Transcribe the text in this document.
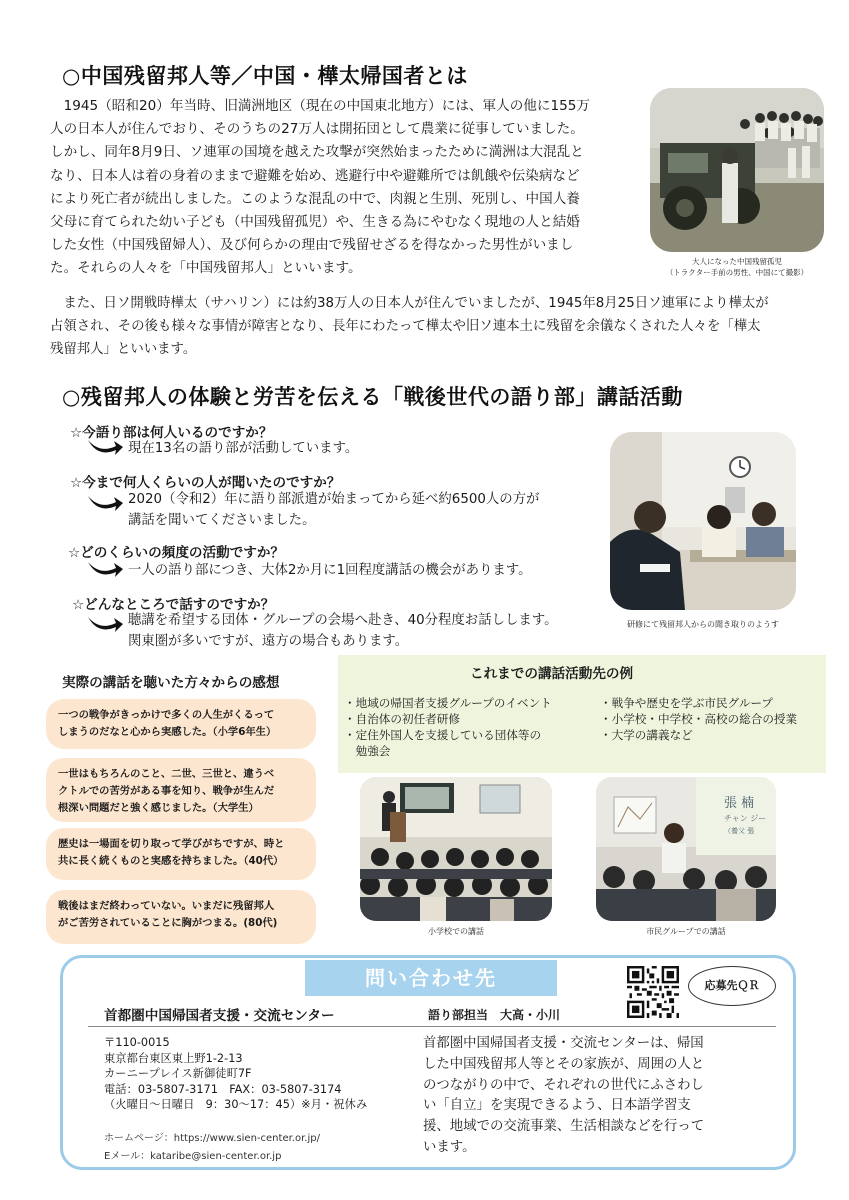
○中国残留邦人等／中国・樺太帰国者とは
1945（昭和20）年当時、旧満洲地区（現在の中国東北地方）には、軍人の他に155万
人の日本人が住んでおり、そのうちの27万人は開拓団として農業に従事していました。
しかし、同年8月9日、ソ連軍の国境を越えた攻撃が突然始まったために満洲は大混乱と
なり、日本人は着の身着のままで避難を始め、逃避行中や避難所では飢餓や伝染病など
により死亡者が続出しました。このような混乱の中で、肉親と生別、死別し、中国人養
父母に育てられた幼い子ども（中国残留孤児）や、生きる為にやむなく現地の人と結婚
した女性（中国残留婦人）、及び何らかの理由で残留せざるを得なかった男性がいまし
た。それらの人々を「中国残留邦人」といいます。
また、日ソ開戦時樺太（サハリン）には約38万人の日本人が住んでいましたが、1945年8月25日ソ連軍により樺太が
占領され、その後も様々な事情が障害となり、長年にわたって樺太や旧ソ連本土に残留を余儀なくされた人々を「樺太
残留邦人」といいます。
大人になった中国残留孤児
（トラクター手前の男性、中国にて撮影）
○残留邦人の体験と労苦を伝える「戦後世代の語り部」講話活動
☆今語り部は何人いるのですか？
現在13名の語り部が活動しています。
☆今まで何人くらいの人が聞いたのですか？
2020（令和2）年に語り部派遣が始まってから延べ約6500人の方が
講話を聞いてくださいました。
☆どのくらいの頻度の活動ですか？
一人の語り部につき、大体2か月に1回程度講話の機会があります。
☆どんなところで話すのですか？
聴講を希望する団体・グループの会場へ赴き、40分程度お話しします。
関東圏が多いですが、遠方の場合もあります。
研修にて残留邦人からの聞き取りのようす
実際の講話を聴いた方々からの感想
一つの戦争がきっかけで多くの人生がくるって
しまうのだなと心から実感した。（小学6年生）
一世はもちろんのこと、二世、三世と、違うベ
クトルでの苦労がある事を知り、戦争が生んだ
根深い問題だと強く感じました。（大学生）
歴史は一場面を切り取って学びがちですが、時と
共に長く続くものと実感を持ちました。（40代）
戦後はまだ終わっていない。いまだに残留邦人
がご苦労されていることに胸がつまる。(80代)
これまでの講話活動先の例
・地域の帰国者支援グループのイベント
・自治体の初任者研修
・定住外国人を支援している団体等の
　勉強会
・戦争や歴史を学ぶ市民グループ
・小学校・中学校・高校の総合の授業
・大学の講義など
小学校での講話
張 楠
チャン ジー
（養父 張
市民グループでの講話
問い合わせ先
首都圏中国帰国者支援・交流センター	語り部担当　大高・小川
応募先ＱＲ
〒110-0015
東京都台東区東上野1-2-13
カーニープレイス新御徒町7F
電話：03-5807-3171　FAX：03-5807-3174
（火曜日〜日曜日　9：30〜17：45）※月・祝休み
ホームページ：https://www.sien-center.or.jp/
Eメール：kataribe@sien-center.or.jp
首都圏中国帰国者支援・交流センターは、帰国
した中国残留邦人等とその家族が、周囲の人と
のつながりの中で、それぞれの世代にふさわし
い「自立」を実現できるよう、日本語学習支
援、地域での交流事業、生活相談などを行って
います。
